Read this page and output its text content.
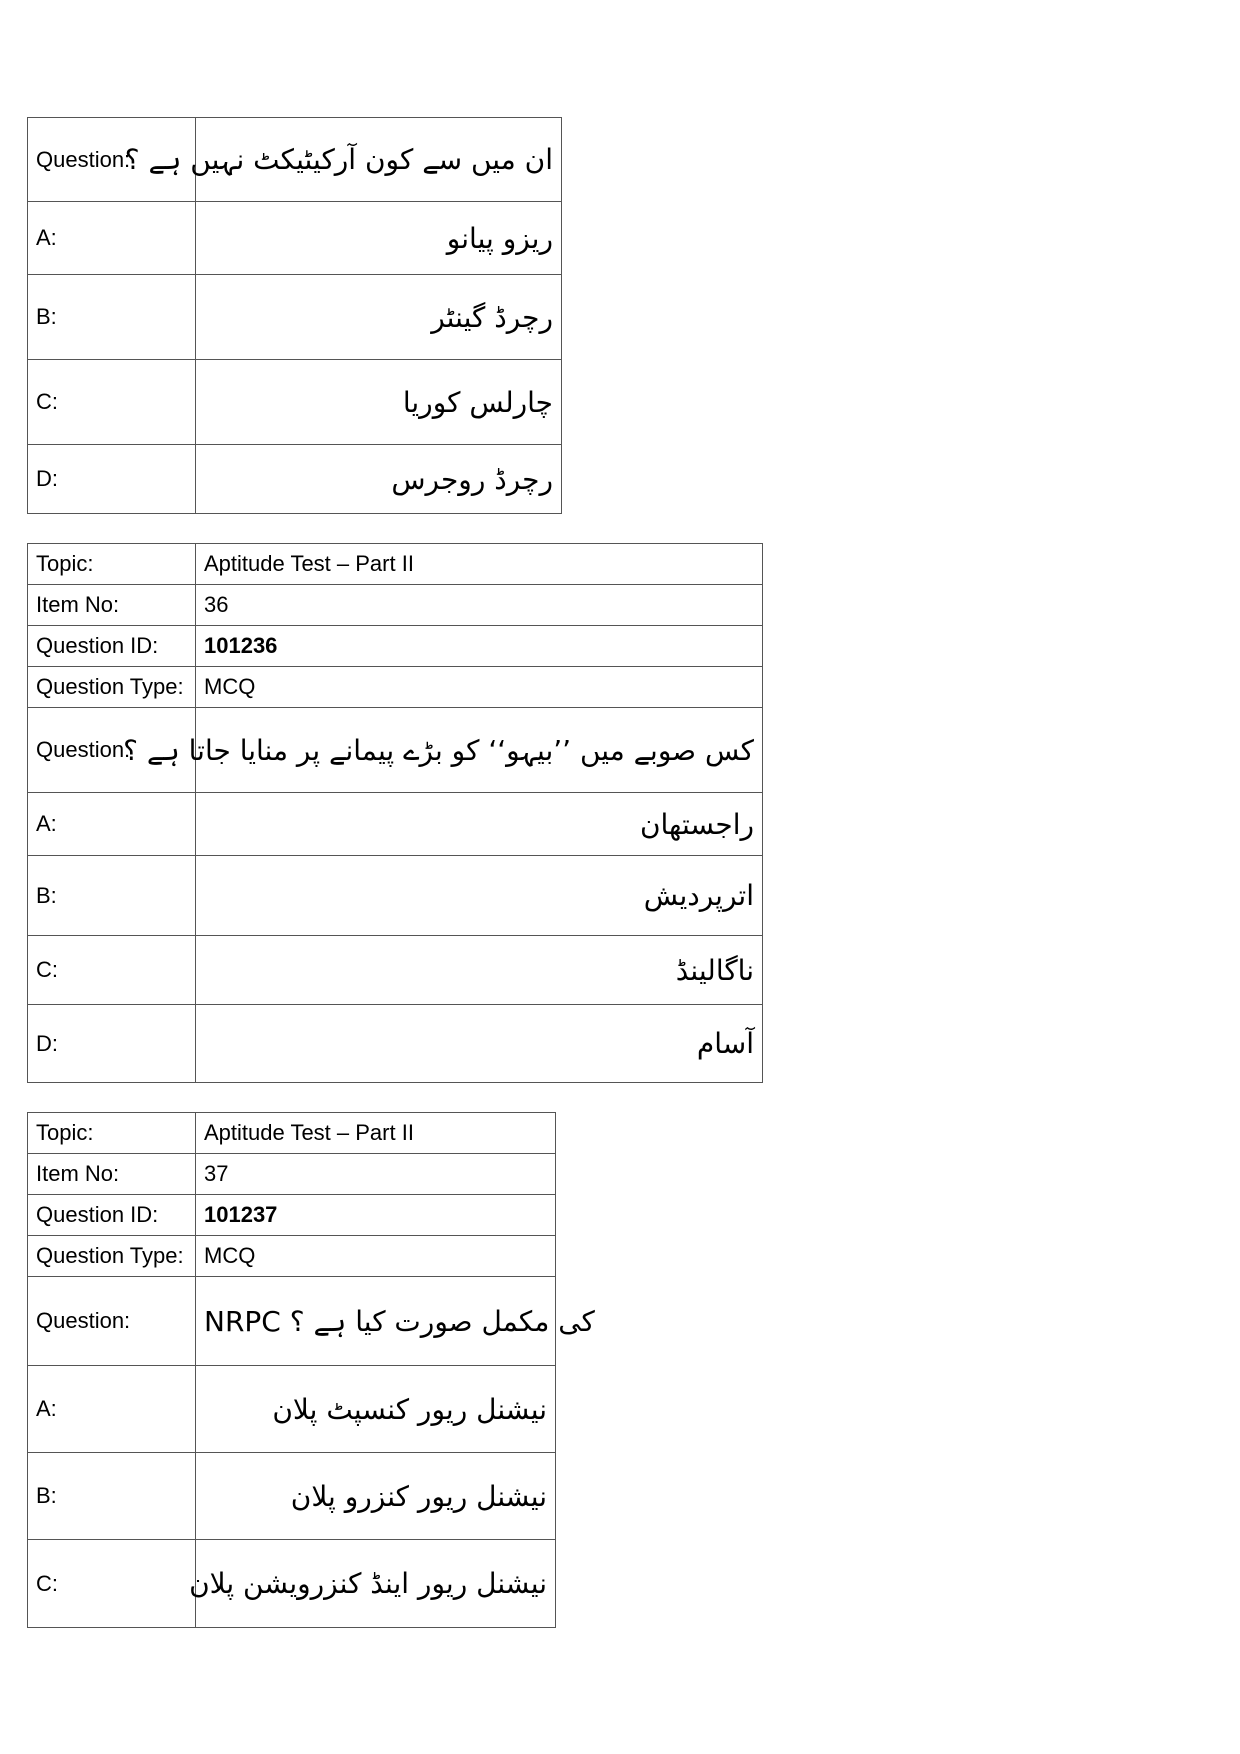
Question:	ان میں سے کون آرکیٹیکٹ نہیں ہے ؟
A:	ریزو پیانو
B:	رچرڈ گینٹر
C:	چارلس کوریا
D:	رچرڈ روجرس
Topic:	Aptitude Test – Part II
Item No:	36
Question ID:	101236
Question Type:	MCQ
Question:	کس صوبے میں ’’بیہو‘‘ کو بڑے پیمانے پر منایا جاتا ہے ؟
A:	راجستھان
B:	اترپردیش
C:	ناگالینڈ
D:	آسام
Topic:	Aptitude Test – Part II
Item No:	37
Question ID:	101237
Question Type:	MCQ
Question:	NRPC کی مکمل صورت کیا ہے ؟
A:	نیشنل ریور کنسپٹ پلان
B:	نیشنل ریور کنزرو پلان
C:	نیشنل ریور اینڈ کنزرویشن پلان
